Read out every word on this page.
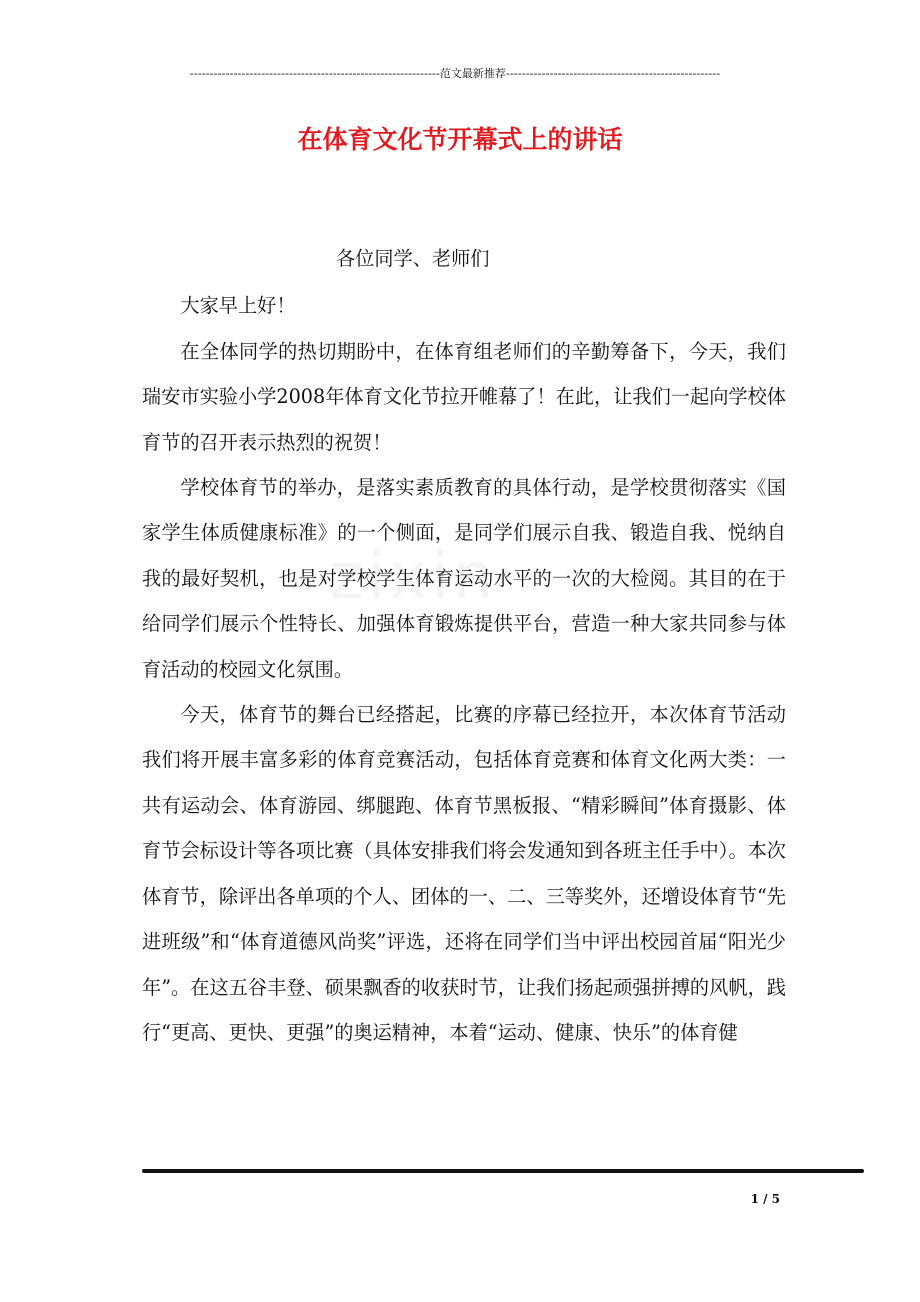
---------------------------------------------------------------范文最新推荐------------------------------------------------------
在体育文化节开幕式上的讲话

各位同学、老师们

大家早上好！

在全体同学的热切期盼中，在体育组老师们的辛勤筹备下，今天，我们瑞安市实验小学2008年体育文化节拉开帷幕了！在此，让我们一起向学校体育节的召开表示热烈的祝贺！

学校体育节的举办，是落实素质教育的具体行动，是学校贯彻落实《国家学生体质健康标准》的一个侧面，是同学们展示自我、锻造自我、悦纳自我的最好契机，也是对学校学生体育运动水平的一次的大检阅。其目的在于给同学们展示个性特长、加强体育锻炼提供平台，营造一种大家共同参与体育活动的校园文化氛围。

今天，体育节的舞台已经搭起，比赛的序幕已经拉开，本次体育节活动我们将开展丰富多彩的体育竞赛活动，包括体育竞赛和体育文化两大类：一共有运动会、体育游园、绑腿跑、体育节黑板报、“精彩瞬间”体育摄影、体育节会标设计等各项比赛（具体安排我们将会发通知到各班主任手中）。本次体育节，除评出各单项的个人、团体的一、二、三等奖外，还增设体育节“先进班级”和“体育道德风尚奖”评选，还将在同学们当中评出校园首届“阳光少年”。在这五谷丰登、硕果飘香的收获时节，让我们扬起顽强拼搏的风帆，践行“更高、更快、更强”的奥运精神，本着“运动、健康、快乐”的体育健

1 / 5
